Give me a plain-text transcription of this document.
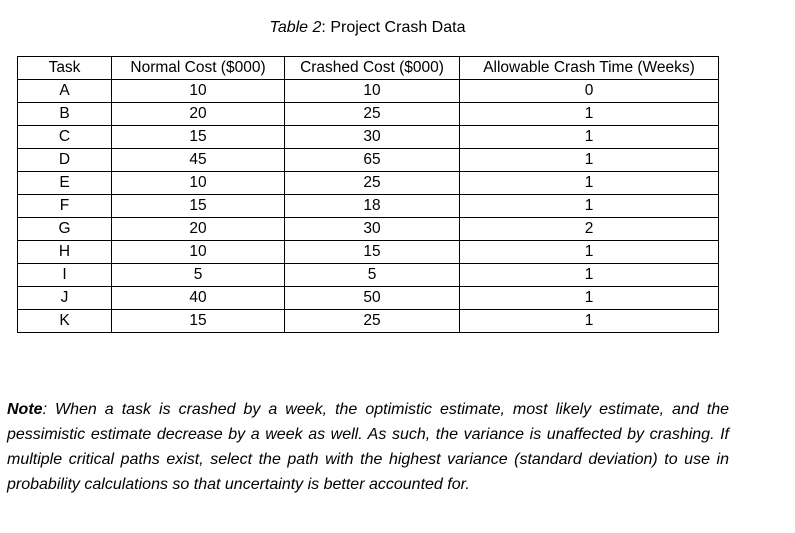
Table 2: Project Crash Data
Task	Normal Cost ($000)	Crashed Cost ($000)	Allowable Crash Time (Weeks)
A	10	10	0
B	20	25	1
C	15	30	1
D	45	65	1
E	10	25	1
F	15	18	1
G	20	30	2
H	10	15	1
I	5	5	1
J	40	50	1
K	15	25	1
Note: When a task is crashed by a week, the optimistic estimate, most likely estimate, and the pessimistic estimate decrease by a week as well. As such, the variance is unaffected by crashing. If multiple critical paths exist, select the path with the highest variance (standard deviation) to use in probability calculations so that uncertainty is better accounted for.
